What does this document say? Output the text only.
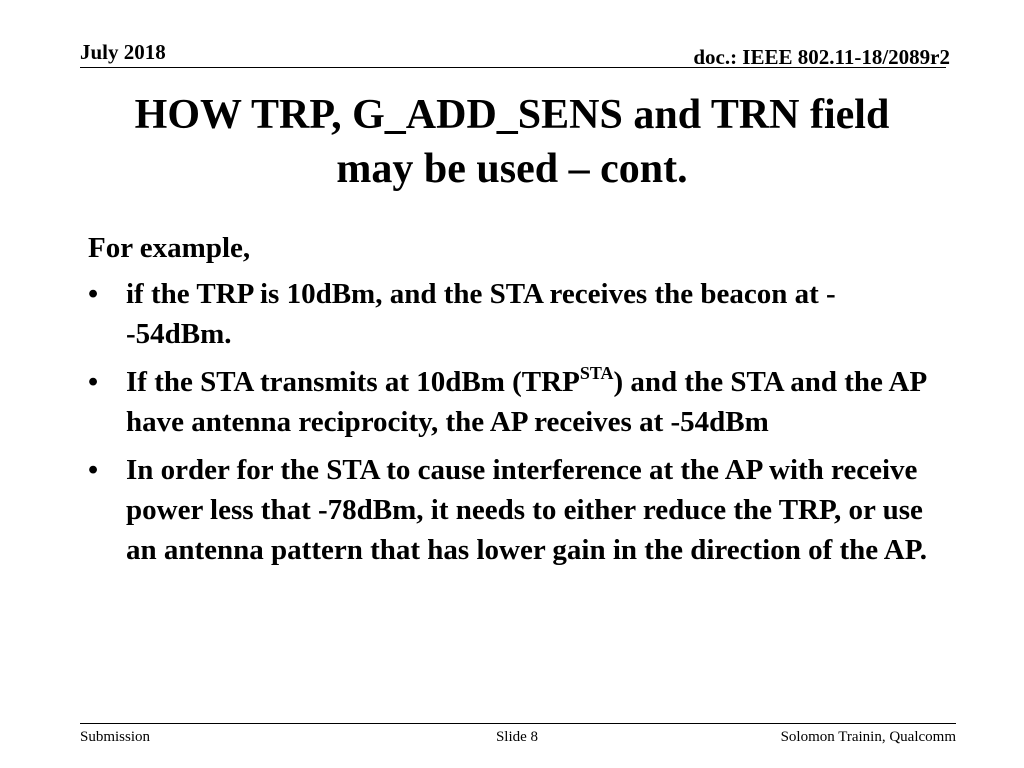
July 2018	doc.: IEEE 802.11-18/2089r2
HOW TRP, G_ADD_SENS and TRN field
may be used – cont.

For example,

• if the TRP is 10dBm, and the STA receives the beacon at - -54dBm.
• If the STA transmits at 10dBm $(TRP^{STA})$ and the STA and the AP have antenna reciprocity, the AP receives at -54dBm
• In order for the STA to cause interference at the AP with receive power less that -78dBm, it needs to either reduce the TRP, or use an antenna pattern that has lower gain in the direction of the AP.
Submission	Slide 8	Solomon Trainin, Qualcomm
